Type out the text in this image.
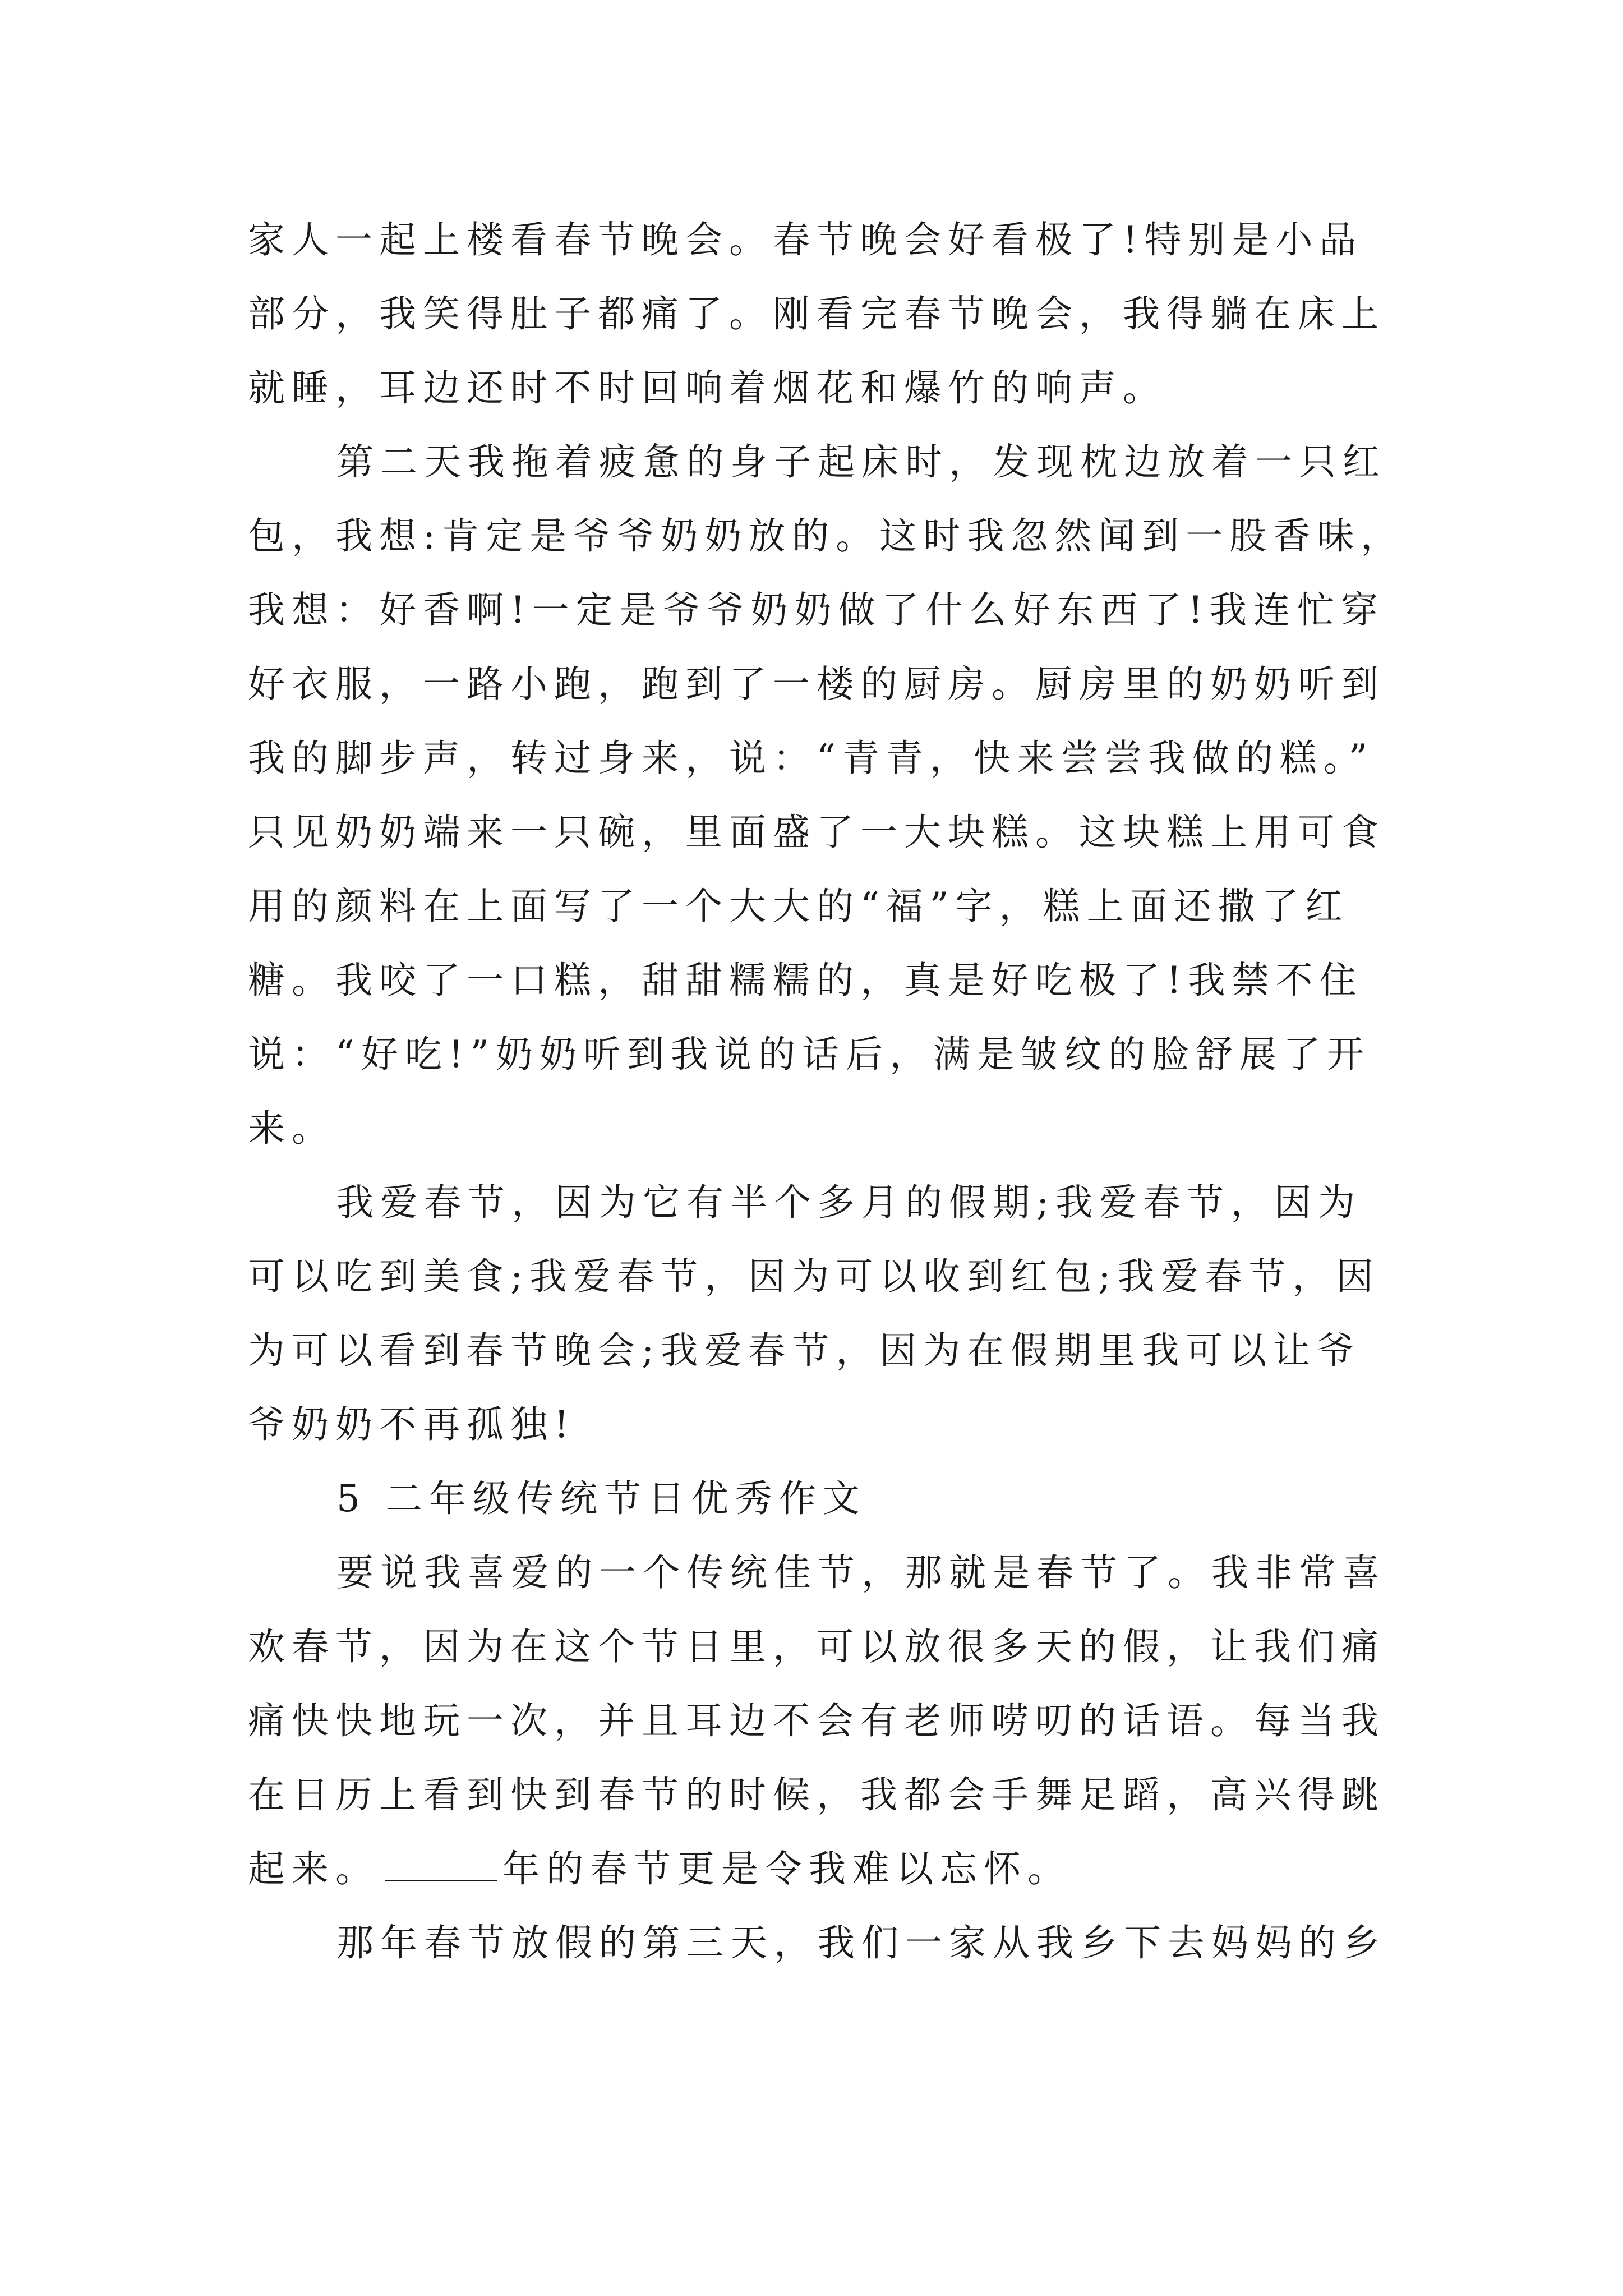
家人一起上楼看春节晚会。春节晚会好看极了!特别是小品
部分，我笑得肚子都痛了。刚看完春节晚会，我得躺在床上
就睡，耳边还时不时回响着烟花和爆竹的响声。

第二天我拖着疲惫的身子起床时，发现枕边放着一只红
包，我想:肯定是爷爷奶奶放的。这时我忽然闻到一股香味，
我想：好香啊!一定是爷爷奶奶做了什么好东西了!我连忙穿
好衣服，一路小跑，跑到了一楼的厨房。厨房里的奶奶听到
我的脚步声，转过身来，说：“青青，快来尝尝我做的糕。”
只见奶奶端来一只碗，里面盛了一大块糕。这块糕上用可食
用的颜料在上面写了一个大大的“福”字，糕上面还撒了红
糖。我咬了一口糕，甜甜糯糯的，真是好吃极了!我禁不住
说：“好吃!”奶奶听到我说的话后，满是皱纹的脸舒展了开
来。

我爱春节，因为它有半个多月的假期;我爱春节，因为
可以吃到美食;我爱春节，因为可以收到红包;我爱春节，因
为可以看到春节晚会;我爱春节，因为在假期里我可以让爷
爷奶奶不再孤独!

5 二年级传统节日优秀作文

要说我喜爱的一个传统佳节，那就是春节了。我非常喜
欢春节，因为在这个节日里，可以放很多天的假，让我们痛
痛快快地玩一次，并且耳边不会有老师唠叨的话语。每当我
在日历上看到快到春节的时候，我都会手舞足蹈，高兴得跳
起来。	年的春节更是令我难以忘怀。

那年春节放假的第三天，我们一家从我乡下去妈妈的乡
